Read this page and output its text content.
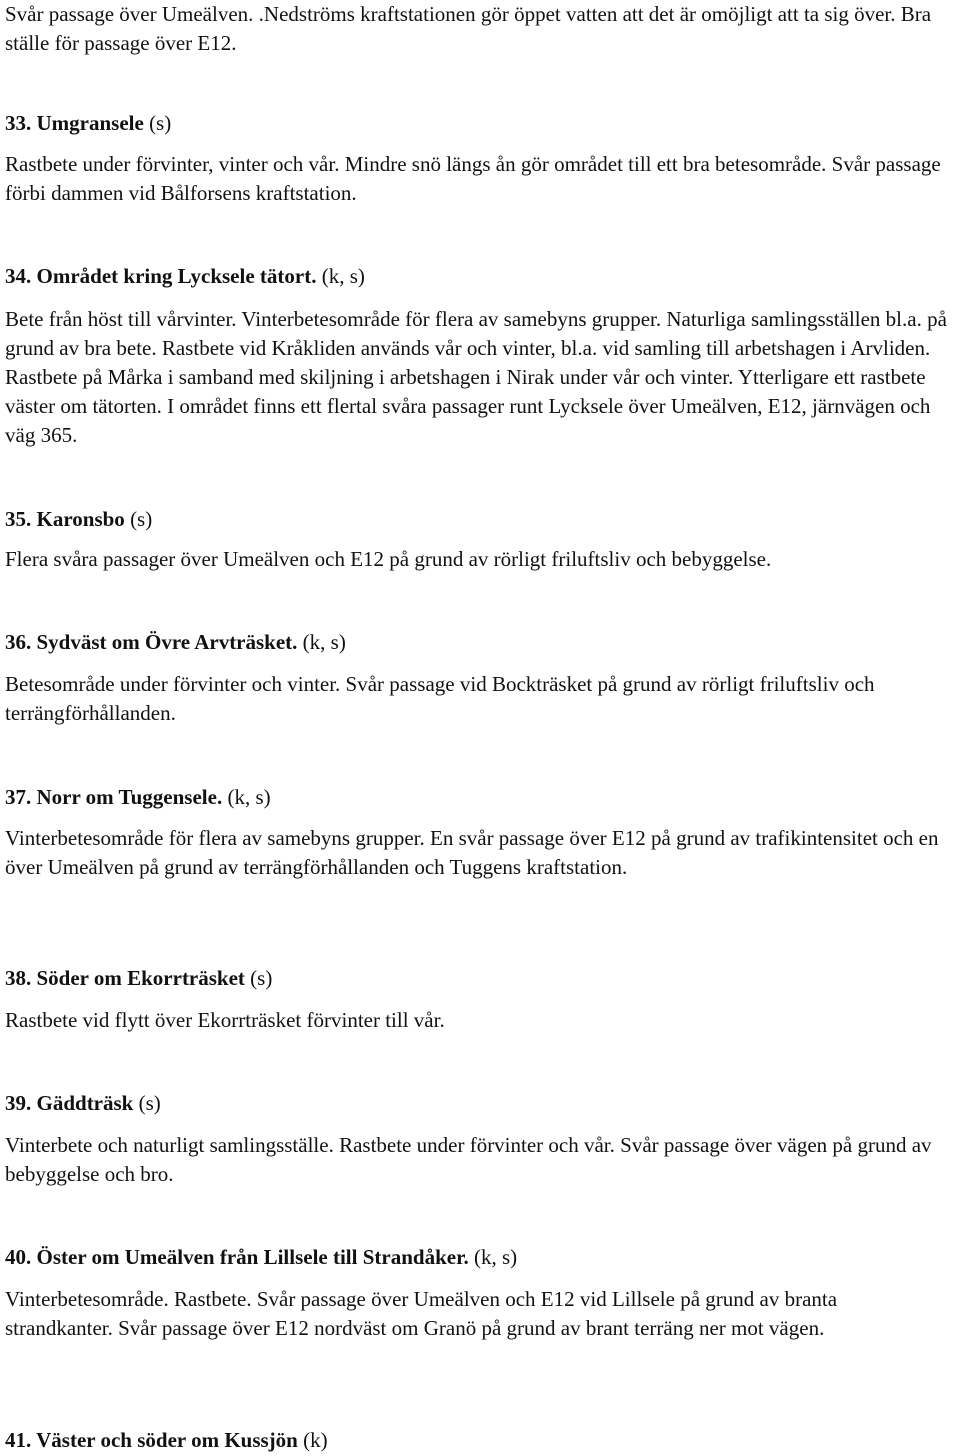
Svår passage över Umeälven. .Nedströms kraftstationen gör öppet vatten att det är omöjligt att ta sig över. Bra ställe för passage över E12.

33. Umgransele (s)

Rastbete under förvinter, vinter och vår. Mindre snö längs ån gör området till ett bra betesområde. Svår passage förbi dammen vid Bålforsens kraftstation.

34. Området kring Lycksele tätort. (k, s)

Bete från höst till vårvinter. Vinterbetesområde för flera av samebyns grupper. Naturliga samlingsställen bl.a. på grund av bra bete. Rastbete vid Kråkliden används vår och vinter, bl.a. vid samling till arbetshagen i Arvliden. Rastbete på Mårka i samband med skiljning i arbetshagen i Nirak under vår och vinter. Ytterligare ett rastbete väster om tätorten. I området finns ett flertal svåra passager runt Lycksele över Umeälven, E12, järnvägen och väg 365.

35. Karonsbo (s)

Flera svåra passager över Umeälven och E12 på grund av rörligt friluftsliv och bebyggelse.

36. Sydväst om Övre Arvträsket. (k, s)

Betesområde under förvinter och vinter. Svår passage vid Bockträsket på grund av rörligt friluftsliv och terrängförhållanden.

37. Norr om Tuggensele. (k, s)

Vinterbetesområde för flera av samebyns grupper. En svår passage över E12 på grund av trafikintensitet och en över Umeälven på grund av terrängförhållanden och Tuggens kraftstation.

38. Söder om Ekorrträsket (s)

Rastbete vid flytt över Ekorrträsket förvinter till vår.

39. Gäddträsk (s)

Vinterbete och naturligt samlingsställe. Rastbete under förvinter och vår. Svår passage över vägen på grund av bebyggelse och bro.

40. Öster om Umeälven från Lillsele till Strandåker. (k, s)

Vinterbetesområde. Rastbete. Svår passage över Umeälven och E12 vid Lillsele på grund av branta strandkanter. Svår passage över E12 nordväst om Granö på grund av brant terräng ner mot vägen.

41. Väster och söder om Kussjön (k)
